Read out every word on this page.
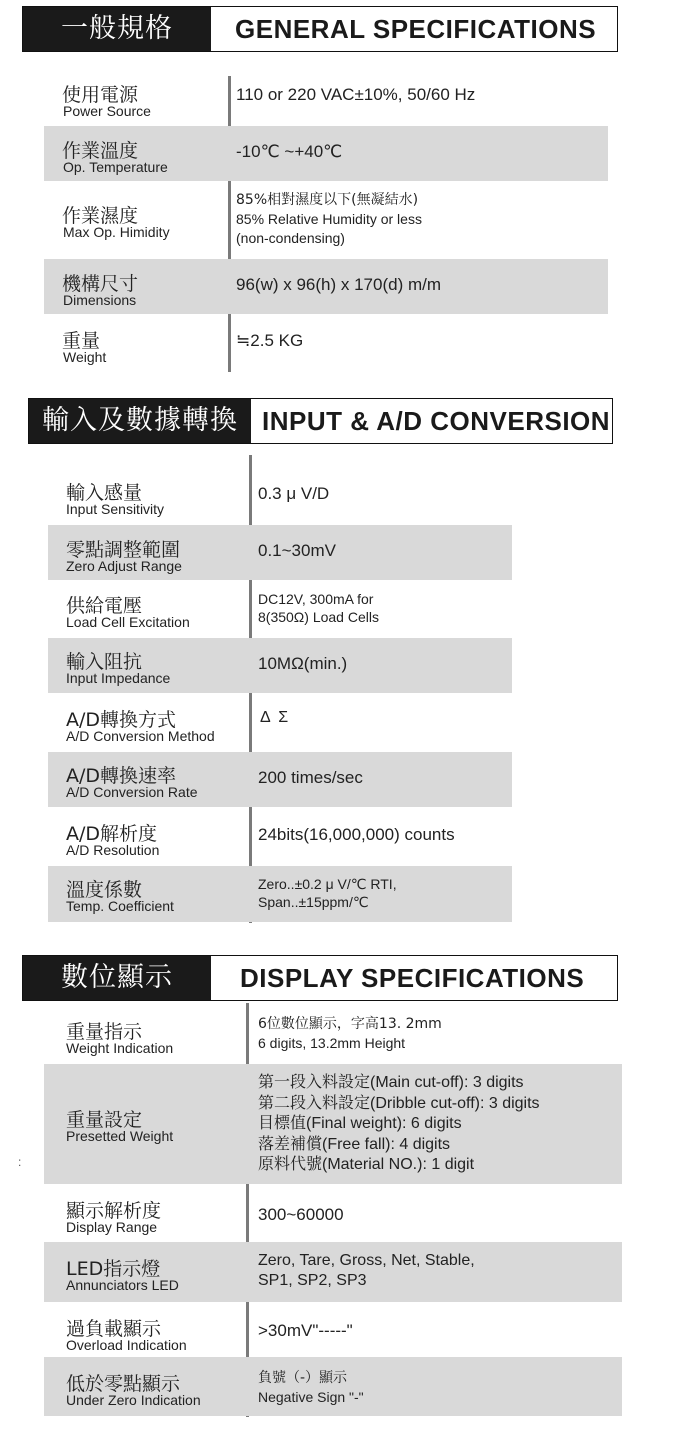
一般規格	GENERAL SPECIFICATIONS
使用電源
Power Source
110 or 220 VAC±10%, 50/60 Hz
作業溫度
Op. Temperature
-10℃ ~+40℃
作業濕度
Max Op. Himidity
85%相對濕度以下(無凝結水)
85% Relative Humidity or less
(non-condensing)
機構尺寸
Dimensions
96(w) x 96(h) x 170(d) m/m
重量
Weight
≒2.5 KG
輸入及數據轉換 INPUT & A/D CONVERSION
輸入感量
Input Sensitivity
0.3 μ V/D
零點調整範圍
Zero Adjust Range
0.1~30mV
供給電壓
Load Cell Excitation
DC12V, 300mA for
8(350Ω) Load Cells
輸入阻抗
Input Impedance
10MΩ(min.)
A/D轉換方式
A/D Conversion Method
Δ Σ
A/D轉換速率
A/D Conversion Rate
200 times/sec
A/D解析度
A/D Resolution
24bits(16,000,000) counts
溫度係數
Temp. Coefficient
Zero..±0.2 μ V/℃ RTI,
Span..±15ppm/℃
數位顯示	DISPLAY SPECIFICATIONS
重量指示
Weight Indication
6位數位顯示，字高13. 2mm
6 digits, 13.2mm Height
重量設定
Presetted Weight
第一段入料設定(Main cut-off): 3 digits
第二段入料設定(Dribble cut-off): 3 digits
目標值(Final weight): 6 digits
落差補償(Free fall): 4 digits
原料代號(Material NO.): 1 digit
顯示解析度
Display Range
300~60000
LED指示燈
Annunciators LED
Zero, Tare, Gross, Net, Stable,
SP1, SP2, SP3
過負載顯示
Overload Indication
>30mV"-----"
低於零點顯示
Under Zero Indication
負號（-）顯示
Negative Sign "-"
:
